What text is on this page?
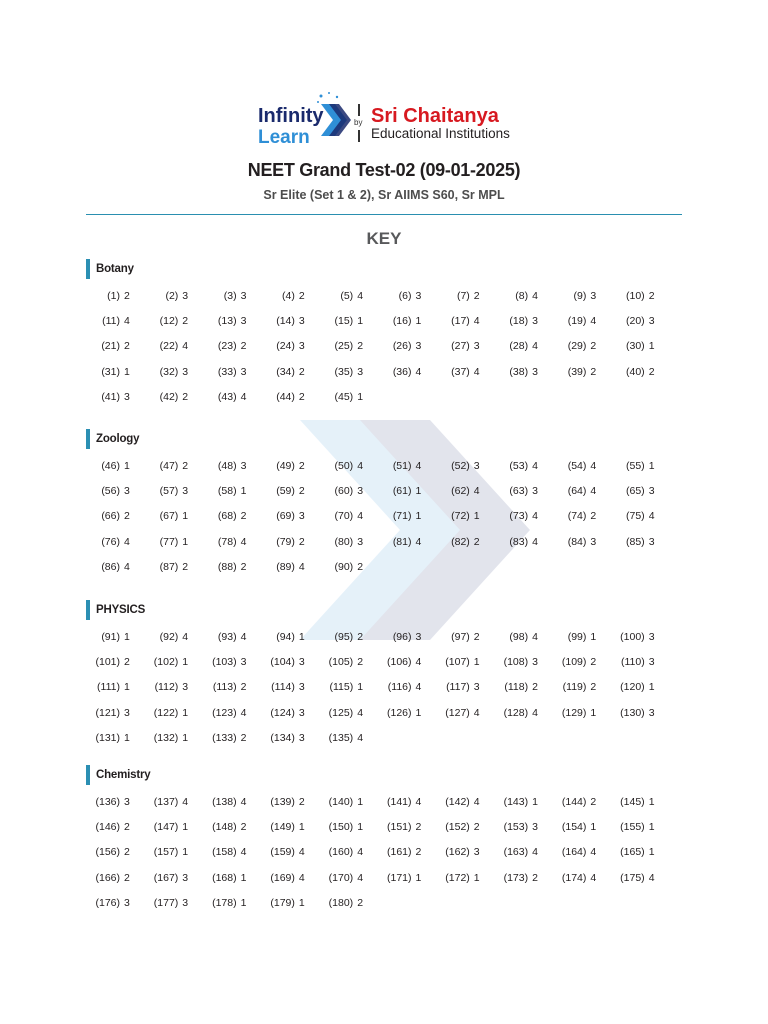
Infinity
Learn
by Sri Chaitanya
Educational Institutions
NEET Grand Test-02 (09-01-2025)
Sr Elite (Set 1 & 2), Sr AIIMS S60, Sr MPL
KEY
Botany
(1) 2	(2) 3	(3) 3	(4) 2	(5) 4	(6) 3	(7) 2	(8) 4	(9) 3	(10) 2
(11) 4	(12) 2	(13) 3	(14) 3	(15) 1	(16) 1	(17) 4	(18) 3	(19) 4	(20) 3
(21) 2	(22) 4	(23) 2	(24) 3	(25) 2	(26) 3	(27) 3	(28) 4	(29) 2	(30) 1
(31) 1	(32) 3	(33) 3	(34) 2	(35) 3	(36) 4	(37) 4	(38) 3	(39) 2	(40) 2
(41) 3	(42) 2	(43) 4	(44) 2	(45) 1
Zoology
(46) 1	(47) 2	(48) 3	(49) 2	(50) 4	(51) 4	(52) 3	(53) 4	(54) 4	(55) 1
(56) 3	(57) 3	(58) 1	(59) 2	(60) 3	(61) 1	(62) 4	(63) 3	(64) 4	(65) 3
(66) 2	(67) 1	(68) 2	(69) 3	(70) 4	(71) 1	(72) 1	(73) 4	(74) 2	(75) 4
(76) 4	(77) 1	(78) 4	(79) 2	(80) 3	(81) 4	(82) 2	(83) 4	(84) 3	(85) 3
(86) 4	(87) 2	(88) 2	(89) 4	(90) 2
PHYSICS
(91) 1	(92) 4	(93) 4	(94) 1	(95) 2	(96) 3	(97) 2	(98) 4	(99) 1 (100) 3
(101) 2 (102) 1 (103) 3 (104) 3 (105) 2 (106) 4 (107) 1 (108) 3 (109) 2 (110) 3
(111) 1 (112) 3 (113) 2 (114) 3 (115) 1 (116) 4 (117) 3 (118) 2 (119) 2 (120) 1
(121) 3 (122) 1 (123) 4 (124) 3 (125) 4 (126) 1 (127) 4 (128) 4 (129) 1 (130) 3
(131) 1 (132) 1 (133) 2 (134) 3 (135) 4
Chemistry
(136) 3 (137) 4 (138) 4 (139) 2 (140) 1 (141) 4 (142) 4 (143) 1 (144) 2 (145) 1
(146) 2 (147) 1 (148) 2 (149) 1 (150) 1 (151) 2 (152) 2 (153) 3 (154) 1 (155) 1
(156) 2 (157) 1 (158) 4 (159) 4 (160) 4 (161) 2 (162) 3 (163) 4 (164) 4 (165) 1
(166) 2 (167) 3 (168) 1 (169) 4 (170) 4 (171) 1 (172) 1 (173) 2 (174) 4 (175) 4
(176) 3 (177) 3 (178) 1 (179) 1 (180) 2
